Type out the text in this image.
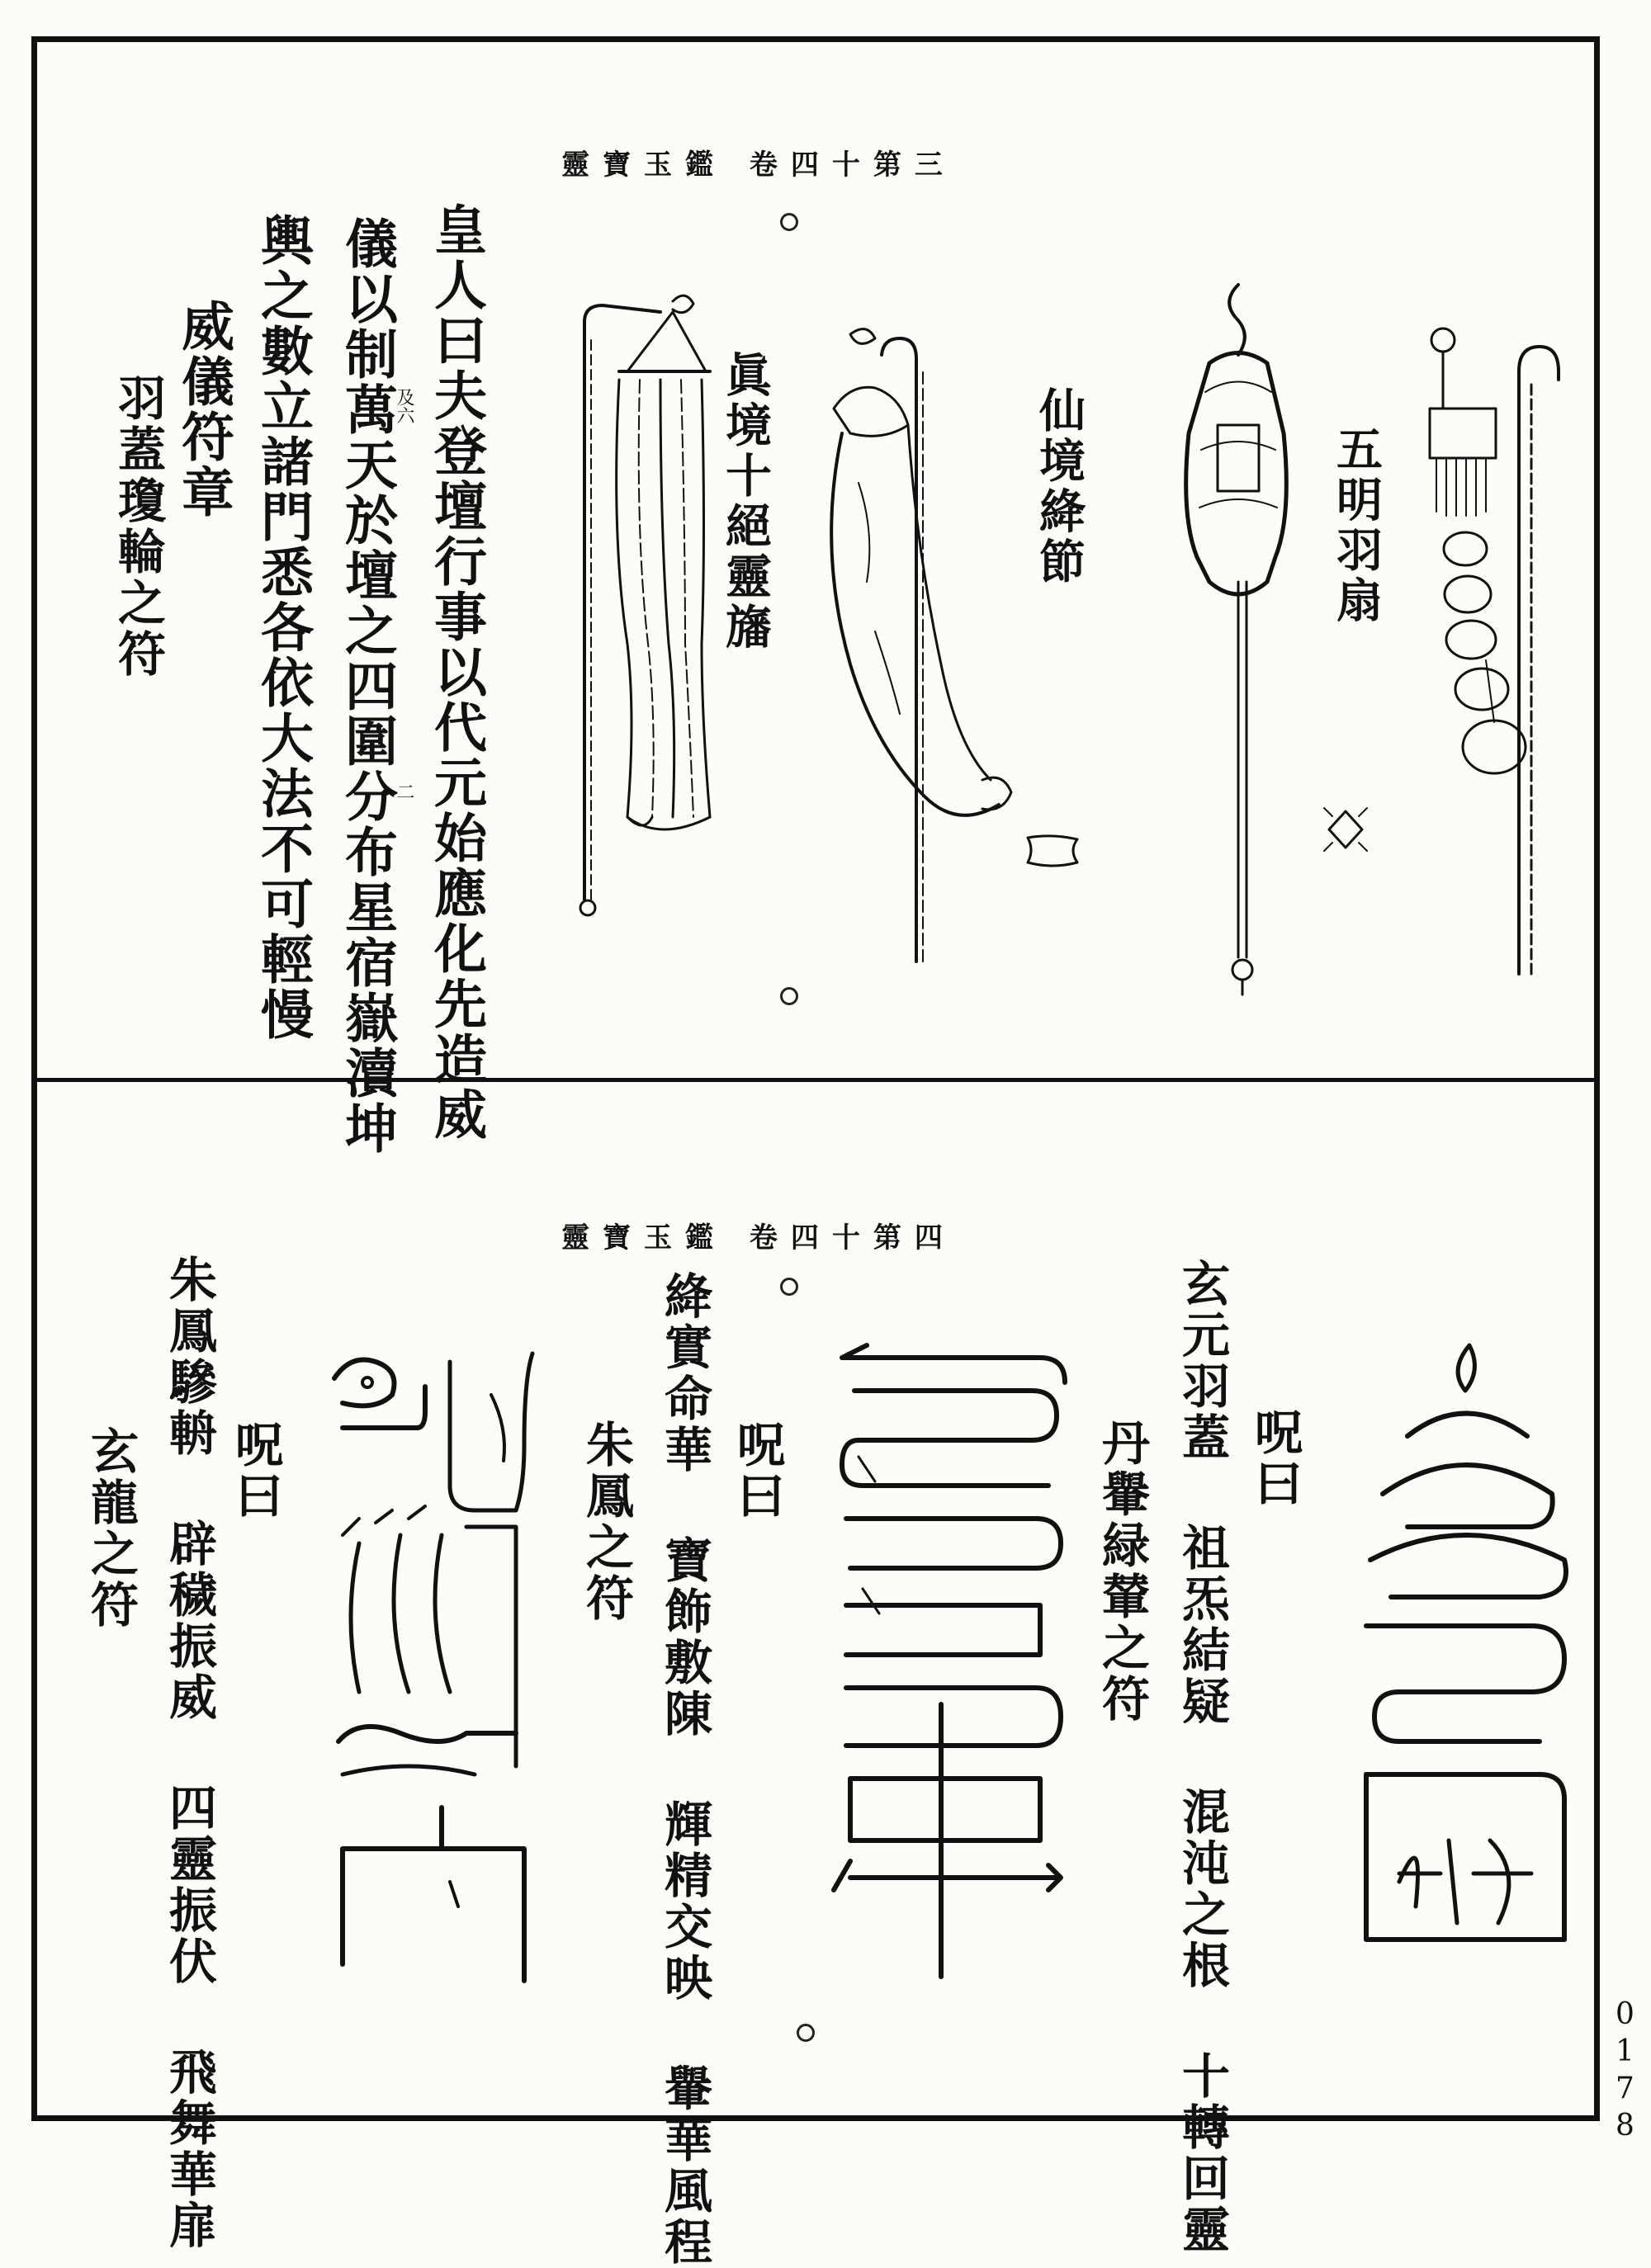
靈寶玉鑑 卷四十第三
皇人曰夫登壇行事以代元始應化先造威
儀以制萬天於壇之四圍分布星宿嶽瀆坤
輿之數立諸門悉各依大法不可輕慢
威儀符章
羽蓋瓊輪之符	及六
二
五明羽扇
仙境絳節
眞境十絕靈旛
靈寶玉鑑 卷四十第四
玄元羽蓋 祖炁結疑 混沌之根 十轉回靈 呪曰
丹轝緑輦之符
絳實命華 寶飾敷陳 輝精交映 轝華風程 呪曰
朱鳳之符
朱鳳驂輈 辟穢振威 四靈振伏 飛舞華扉 呪曰
玄龍之符
0178
